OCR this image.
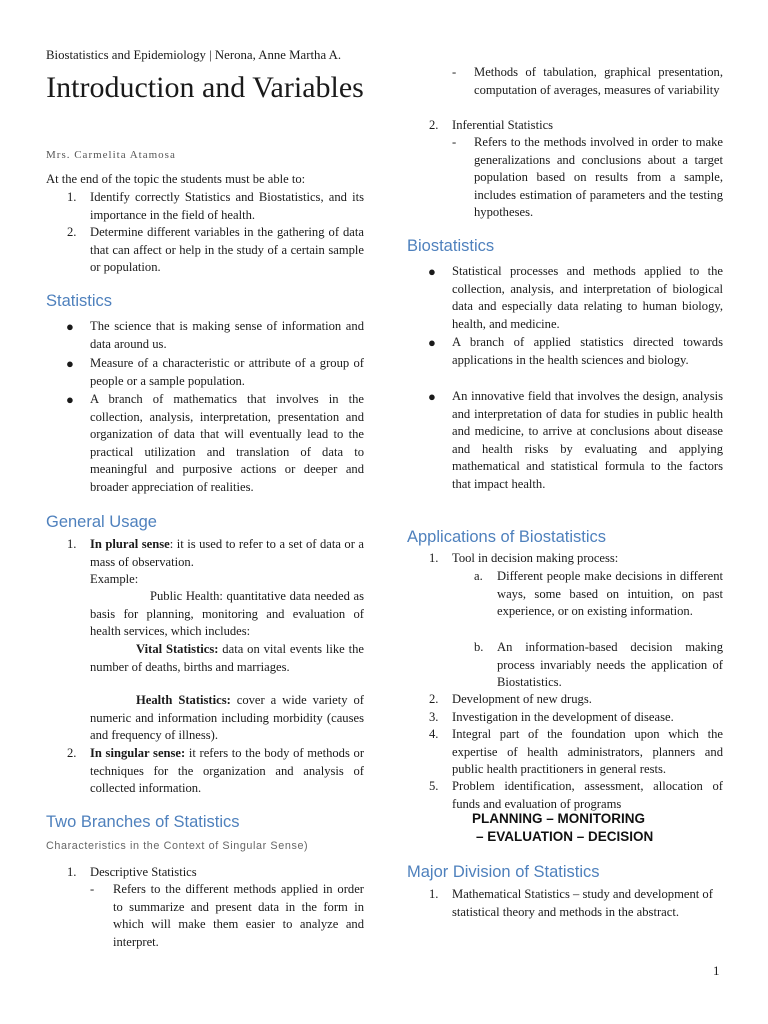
Biostatistics and Epidemiology | Nerona, Anne Martha A.
Introduction and Variables
Mrs. Carmelita Atamosa
At the end of the topic the students must be able to:
1. Identify correctly Statistics and Biostatistics, and its importance in the field of health.
2. Determine different variables in the gathering of data that can affect or help in the study of a certain sample or population.
Statistics
● The science that is making sense of information and data around us.
● Measure of a characteristic or attribute of a group of people or a sample population.
● A branch of mathematics that involves in the collection, analysis, interpretation, presentation and organization of data that will eventually lead to the practical utilization and translation of data to meaningful and purposive actions or deeper and broader appreciation of realities.
General Usage
1. In plural sense: it is used to refer to a set of data or a mass of observation.
Example:
Public Health: quantitative data needed as basis for planning, monitoring and evaluation of health services, which includes:
Vital Statistics: data on vital events like the number of deaths, births and marriages.
Health Statistics: cover a wide variety of numeric and information including morbidity (causes and frequency of illness).
2. In singular sense: it refers to the body of methods or techniques for the organization and analysis of collected information.
Two Branches of Statistics
Characteristics in the Context of Singular Sense)
1. Descriptive Statistics
- Refers to the different methods applied in order to summarize and present data in the form in which will make them easier to analyze and interpret.
- Methods of tabulation, graphical presentation, computation of averages, measures of variability
2. Inferential Statistics
- Refers to the methods involved in order to make generalizations and conclusions about a target population based on results from a sample, includes estimation of parameters and the testing hypotheses.
Biostatistics
● Statistical processes and methods applied to the collection, analysis, and interpretation of biological data and especially data relating to human biology, health, and medicine.
● A branch of applied statistics directed towards applications in the health sciences and biology.
● An innovative field that involves the design, analysis and interpretation of data for studies in public health and medicine, to arrive at conclusions about disease and health risks by evaluating and applying mathematical and statistical formula to the factors that impact health.
Applications of Biostatistics
1. Tool in decision making process:
a. Different people make decisions in different ways, some based on intuition, on past experience, or on existing information.
b. An information-based decision making process invariably needs the application of Biostatistics.
2. Development of new drugs.
3. Investigation in the development of disease.
4. Integral part of the foundation upon which the expertise of health administrators, planners and public health practitioners in general rests.
5. Problem identification, assessment, allocation of funds and evaluation of programs
PLANNING – MONITORING
– EVALUATION – DECISION
Major Division of Statistics
1. Mathematical Statistics – study and development of statistical theory and methods in the abstract.
1
